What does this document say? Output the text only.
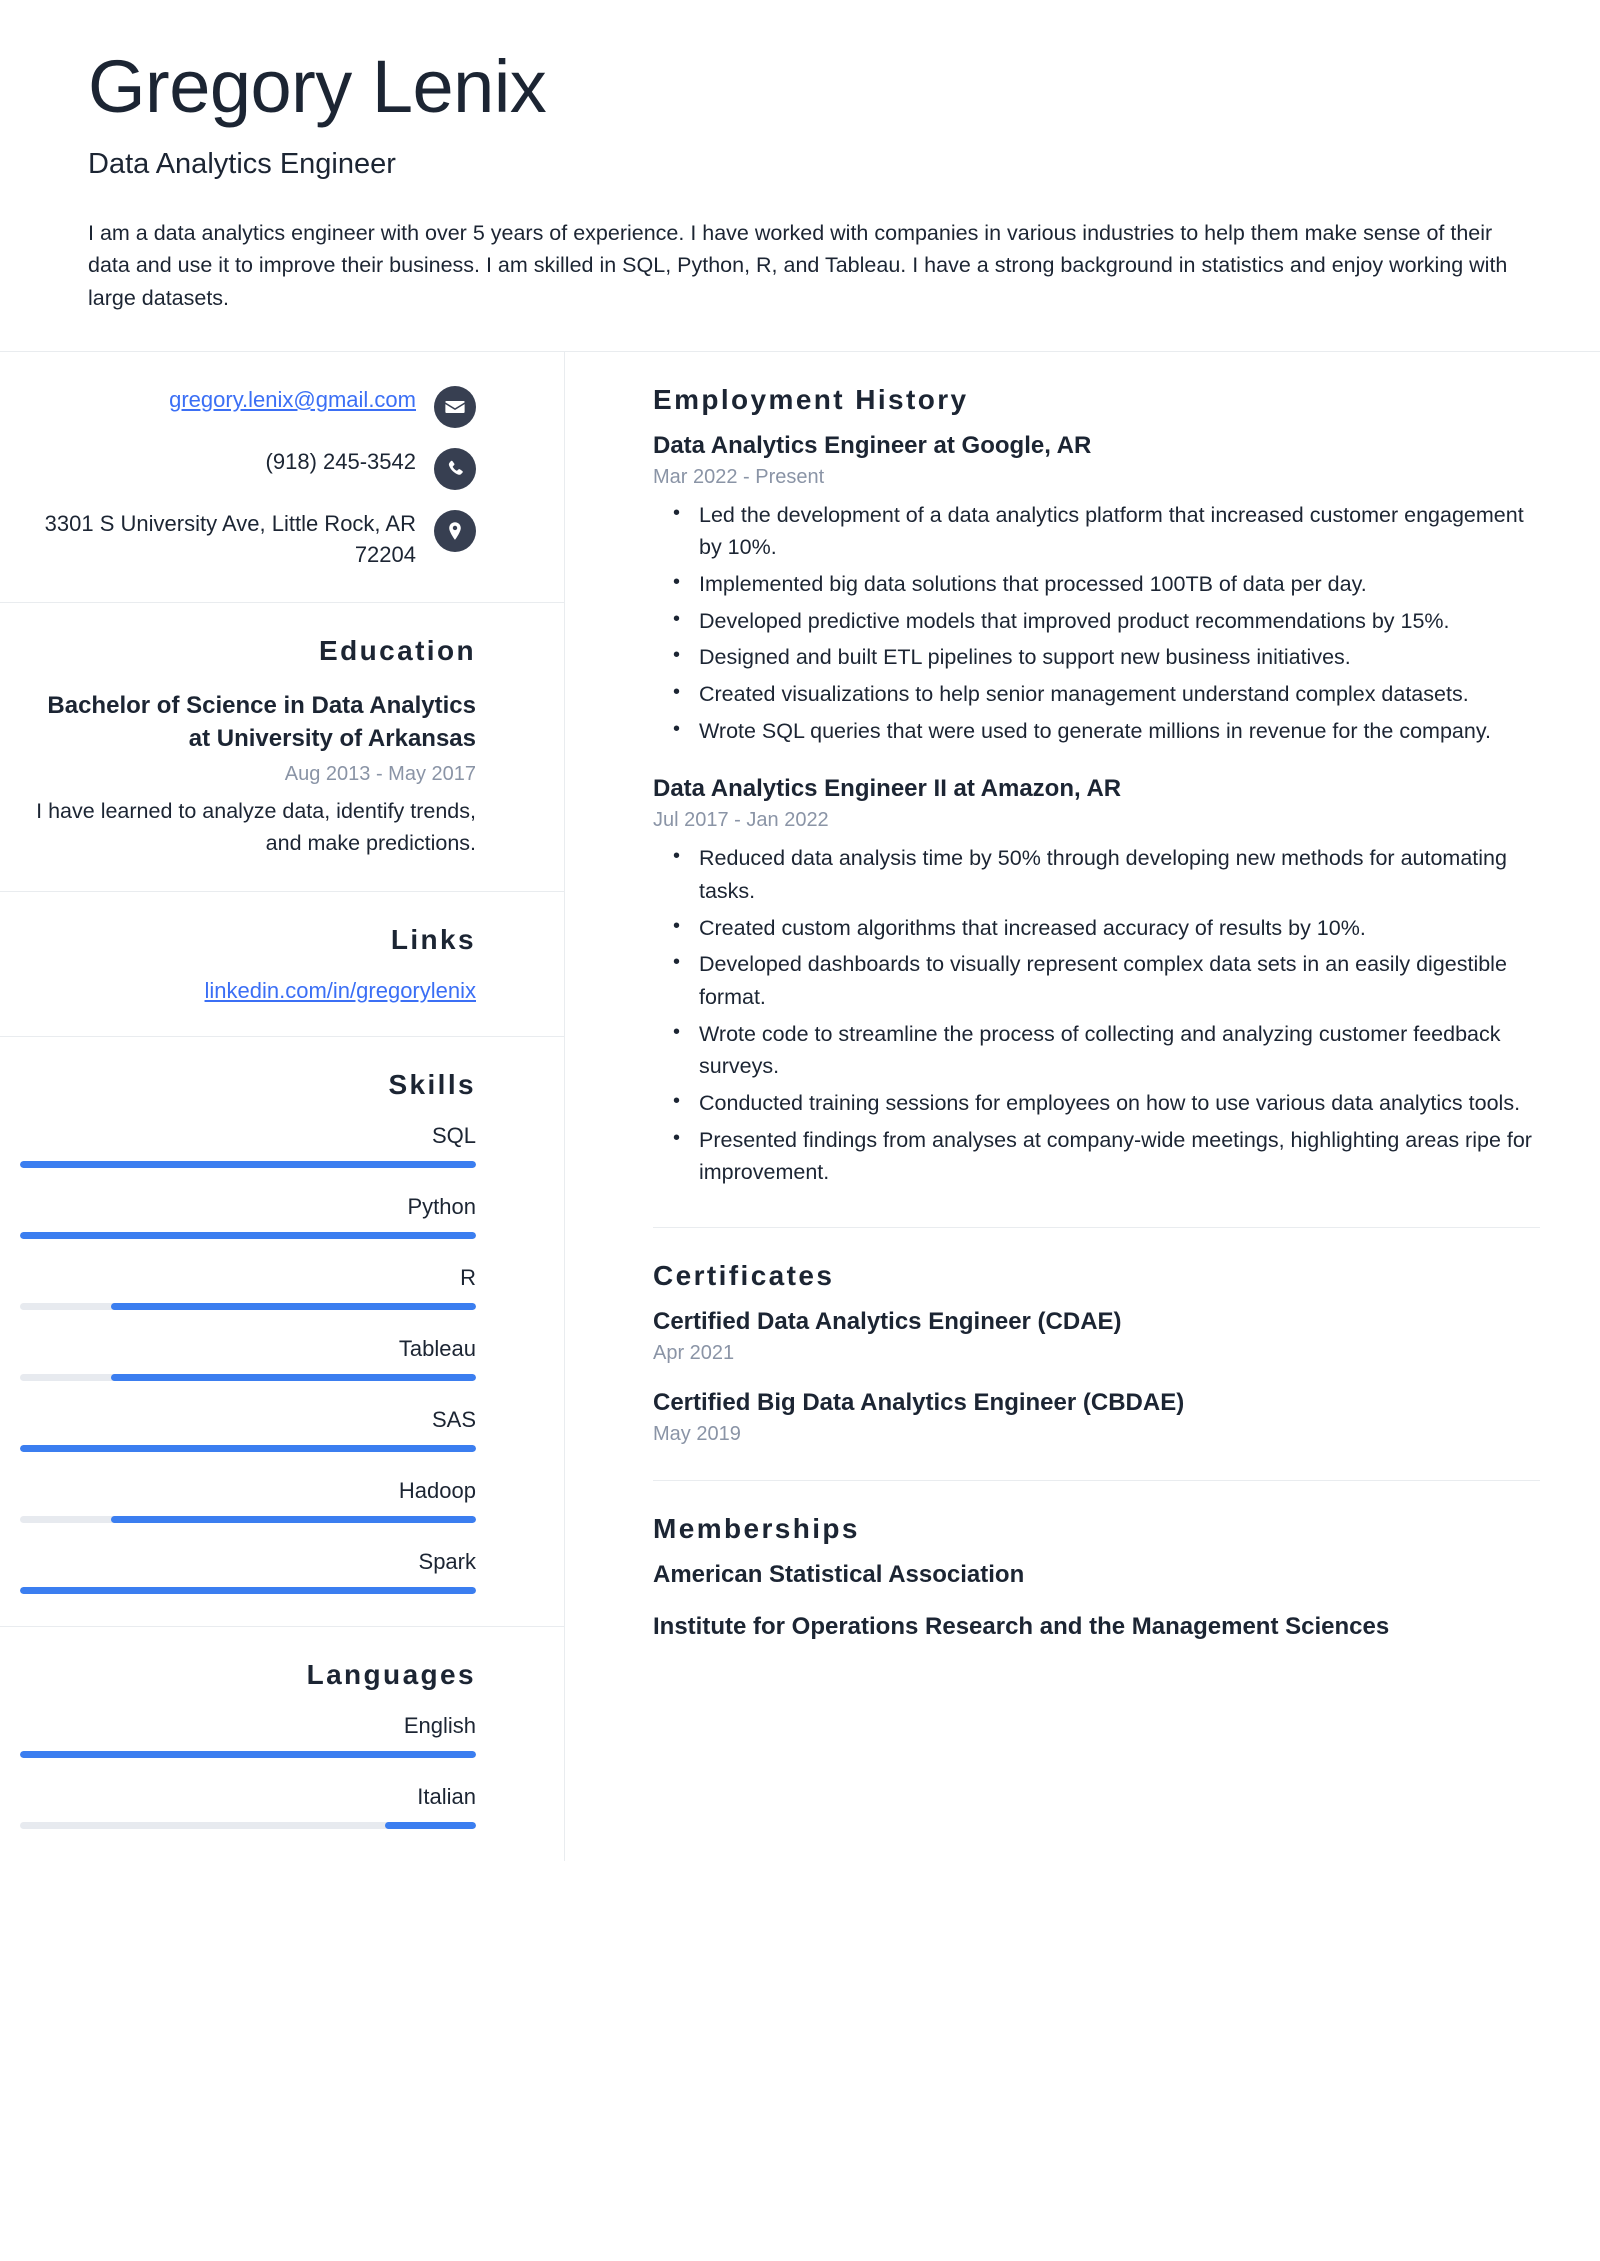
Gregory Lenix
Data Analytics Engineer

I am a data analytics engineer with over 5 years of experience. I have worked with companies in various industries to help them make sense of their data and use it to improve their business. I am skilled in SQL, Python, R, and Tableau. I have a strong background in statistics and enjoy working with large datasets.

gregory.lenix@gmail.com
(918) 245-3542
3301 S University Ave, Little Rock, AR 72204
Education
Bachelor of Science in Data Analytics at University of Arkansas
Aug 2013 - May 2017
I have learned to analyze data, identify trends, and make predictions.
Links
linkedin.com/in/gregorylenix
Skills
SQL
Python
R
Tableau
SAS
Hadoop
Spark
Languages
English
Italian
Employment History
Data Analytics Engineer at Google, AR
Mar 2022 - Present
• Led the development of a data analytics platform that increased customer engagement by 10%.
• Implemented big data solutions that processed 100TB of data per day.
• Developed predictive models that improved product recommendations by 15%.
• Designed and built ETL pipelines to support new business initiatives.
• Created visualizations to help senior management understand complex datasets.
• Wrote SQL queries that were used to generate millions in revenue for the company.
Data Analytics Engineer II at Amazon, AR
Jul 2017 - Jan 2022
• Reduced data analysis time by 50% through developing new methods for automating tasks.
• Created custom algorithms that increased accuracy of results by 10%.
• Developed dashboards to visually represent complex data sets in an easily digestible format.
• Wrote code to streamline the process of collecting and analyzing customer feedback surveys.
• Conducted training sessions for employees on how to use various data analytics tools.
• Presented findings from analyses at company-wide meetings, highlighting areas ripe for improvement.
Certificates
Certified Data Analytics Engineer (CDAE)
Apr 2021
Certified Big Data Analytics Engineer (CBDAE)
May 2019
Memberships
American Statistical Association
Institute for Operations Research and the Management Sciences
